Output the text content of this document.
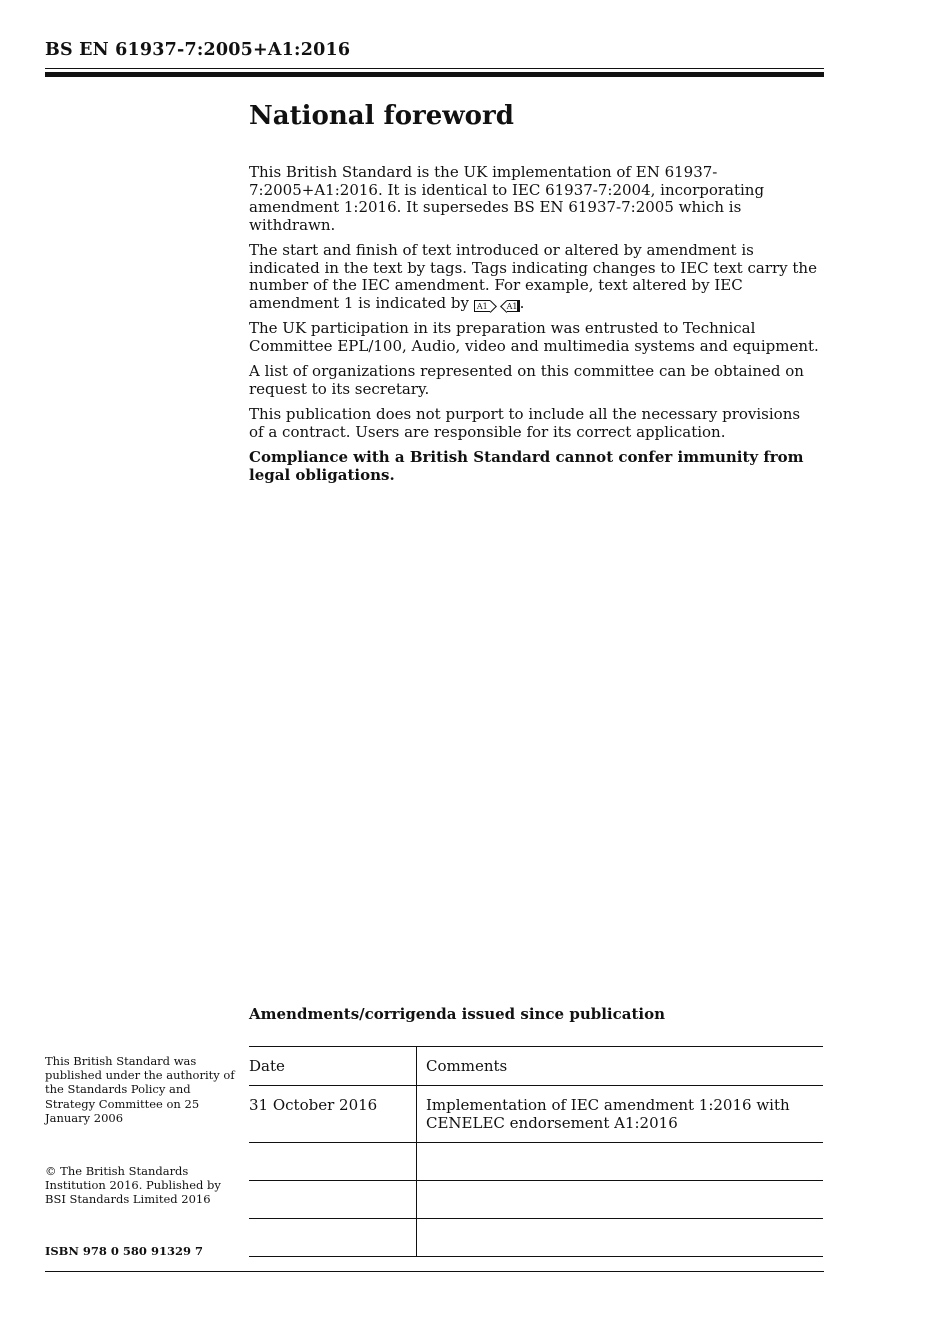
BS EN 61937-7:2005+A1:2016
National foreword

This British Standard is the UK implementation of EN 61937-7:2005+A1:2016. It is identical to IEC 61937-7:2004, incorporating amendment 1:2016. It supersedes BS EN 61937-7:2005 which is withdrawn.

The start and finish of text introduced or altered by amendment is indicated in the text by tags. Tags indicating changes to IEC text carry the number of the IEC amendment. For example, text altered by IEC amendment 1 is indicated by A1 A1 .

The UK participation in its preparation was entrusted to Technical Committee EPL/100, Audio, video and multimedia systems and equipment.

A list of organizations represented on this committee can be obtained on request to its secretary.

This publication does not purport to include all the necessary provisions of a contract. Users are responsible for its correct application.

Compliance with a British Standard cannot confer immunity from legal obligations.

Amendments/corrigenda issued since publication
This British Standard was published under the authority of the Standards Policy and Strategy Committee on 25 January 2006
© The British Standards Institution 2016. Published by BSI Standards Limited 2016
ISBN 978 0 580 91329 7
Date	Comments
31 October 2016	Implementation of IEC amendment 1:2016 with CENELEC endorsement A1:2016
